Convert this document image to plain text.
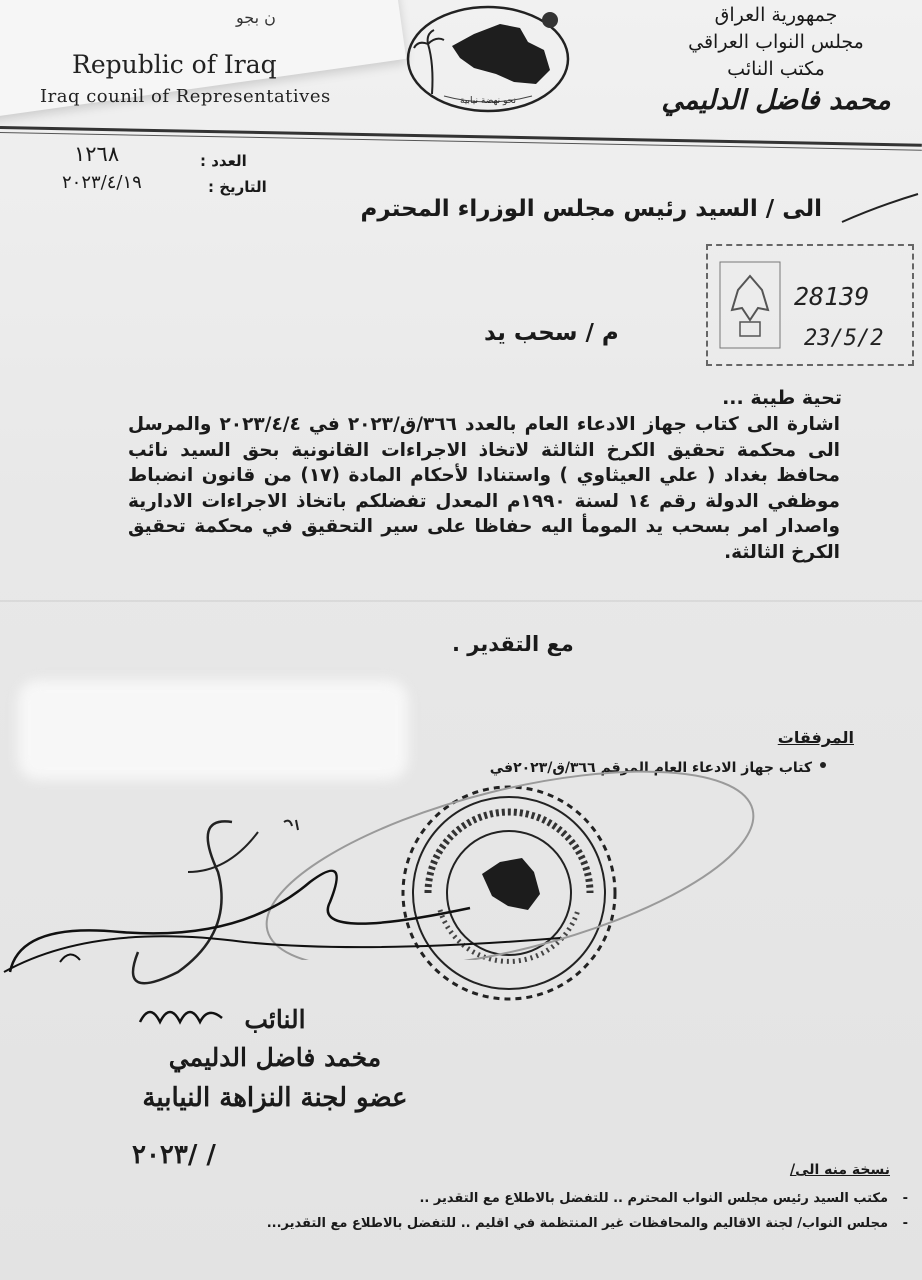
ن بجو
Republic of Iraq
Iraq counil of Representatives	نحو نهضة نيابية
جمهورية العراق
مجلس النواب العراقي
مكتب النائب
محمد فاضل الدليمي
العدد :
١٢٦٨
التاريخ :
٢٠٢٣/٤/١٩
الى / السيد رئيس مجلس الوزراء المحترم
28139
23/5/2
م / سحب يد
تحية طيبة ...
اشارة الى كتاب جهاز الادعاء العام بالعدد ٣٦٦/ق/٢٠٢٣ في ٢٠٢٣/٤/٤ والمرسل الى محكمة تحقيق الكرخ الثالثة لاتخاذ الاجراءات القانونية بحق السيد نائب محافظ بغداد ( علي العيثاوي ) واستنادا لأحكام المادة (١٧) من قانون انضباط موظفي الدولة رقم ١٤ لسنة ١٩٩٠م المعدل تفضلكم باتخاذ الاجراءات الادارية واصدار امر بسحب يد المومأ اليه حفاظا على سير التحقيق في محكمة تحقيق الكرخ الثالثة.
مع التقدير .
المرفقات
كتاب جهاز الادعاء العام المرقم ٣٦٦/ق/٢٠٢٣في
النائب
مخمد فاضل الدليمي
عضو لجنة النزاهة النيابية
٢٠٢٣/ /	نسخة منه الى/
- مكتب السيد رئيس مجلس النواب المحترم .. للتفضل بالاطلاع مع التقدير ..
- مجلس النواب/ لجنة الاقاليم والمحافظات غير المنتظمة في اقليم .. للتفضل بالاطلاع مع التقدير...
